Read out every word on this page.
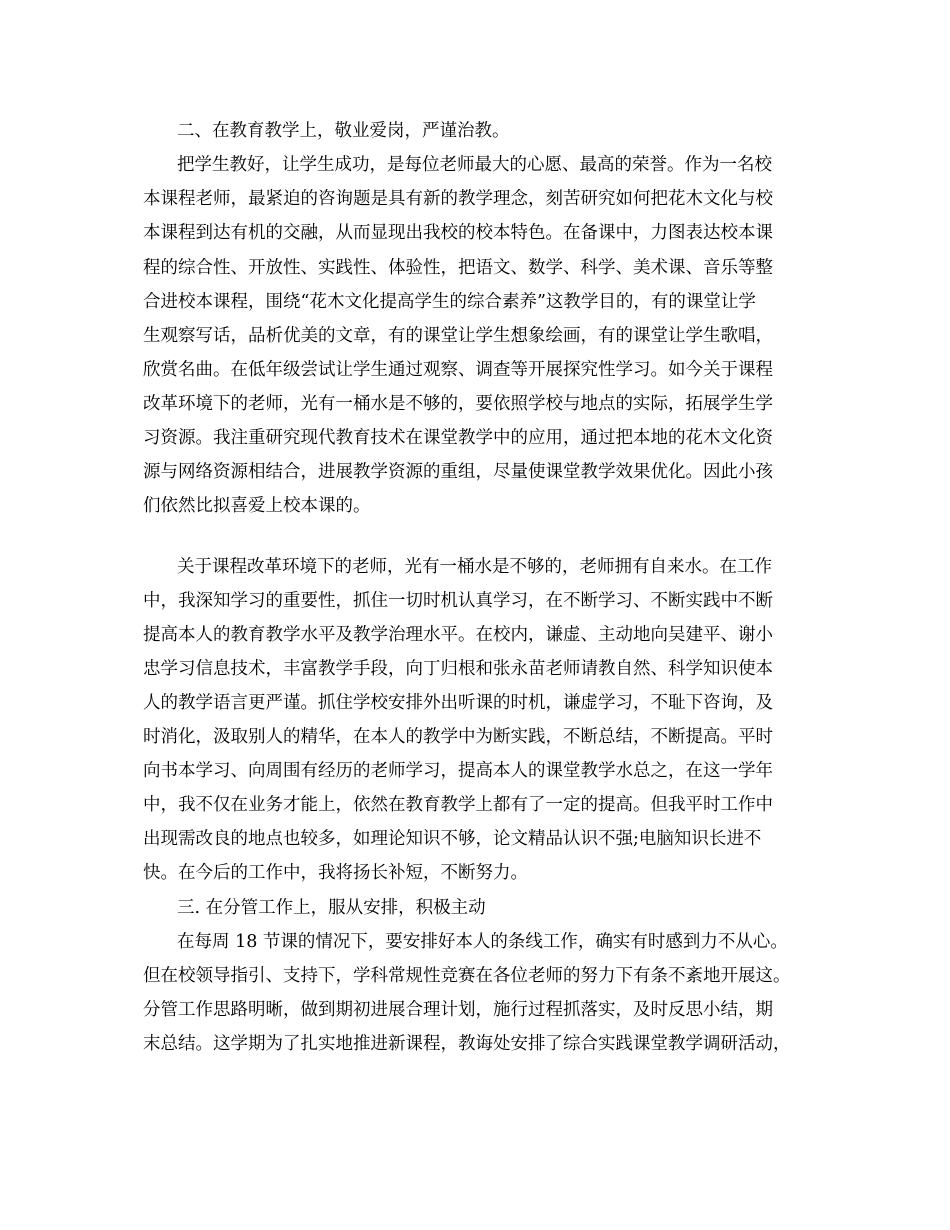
二、在教育教学上，敬业爱岗，严谨治教。
把学生教好，让学生成功，是每位老师最大的心愿、最高的荣誉。作为一名校
本课程老师，最紧迫的咨询题是具有新的教学理念，刻苦研究如何把花木文化与校
本课程到达有机的交融，从而显现出我校的校本特色。在备课中，力图表达校本课
程的综合性、开放性、实践性、体验性，把语文、数学、科学、美术课、音乐等整
合进校本课程，围绕“花木文化提高学生的综合素养”这教学目的，有的课堂让学
生观察写话，品析优美的文章，有的课堂让学生想象绘画，有的课堂让学生歌唱，
欣赏名曲。在低年级尝试让学生通过观察、调查等开展探究性学习。如今关于课程
改革环境下的老师，光有一桶水是不够的，要依照学校与地点的实际，拓展学生学
习资源。我注重研究现代教育技术在课堂教学中的应用，通过把本地的花木文化资
源与网络资源相结合，进展教学资源的重组，尽量使课堂教学效果优化。因此小孩
们依然比拟喜爱上校本课的。
关于课程改革环境下的老师，光有一桶水是不够的，老师拥有自来水。在工作
中，我深知学习的重要性，抓住一切时机认真学习，在不断学习、不断实践中不断
提高本人的教育教学水平及教学治理水平。在校内，谦虚、主动地向吴建平、谢小
忠学习信息技术，丰富教学手段，向丁归根和张永苗老师请教自然、科学知识使本
人的教学语言更严谨。抓住学校安排外出听课的时机，谦虚学习，不耻下咨询，及
时消化，汲取别人的精华，在本人的教学中为断实践，不断总结，不断提高。平时
向书本学习、向周围有经历的老师学习，提高本人的课堂教学水总之，在这一学年
中，我不仅在业务才能上，依然在教育教学上都有了一定的提高。但我平时工作中
出现需改良的地点也较多，如理论知识不够，论文精品认识不强;电脑知识长进不
快。在今后的工作中，我将扬长补短，不断努力。
三. 在分管工作上，服从安排，积极主动
在每周 18 节课的情况下，要安排好本人的条线工作，确实有时感到力不从心。
但在校领导指引、支持下，学科常规性竞赛在各位老师的努力下有条不紊地开展这。
分管工作思路明晰，做到期初进展合理计划，施行过程抓落实，及时反思小结，期
末总结。这学期为了扎实地推进新课程，教诲处安排了综合实践课堂教学调研活动，
